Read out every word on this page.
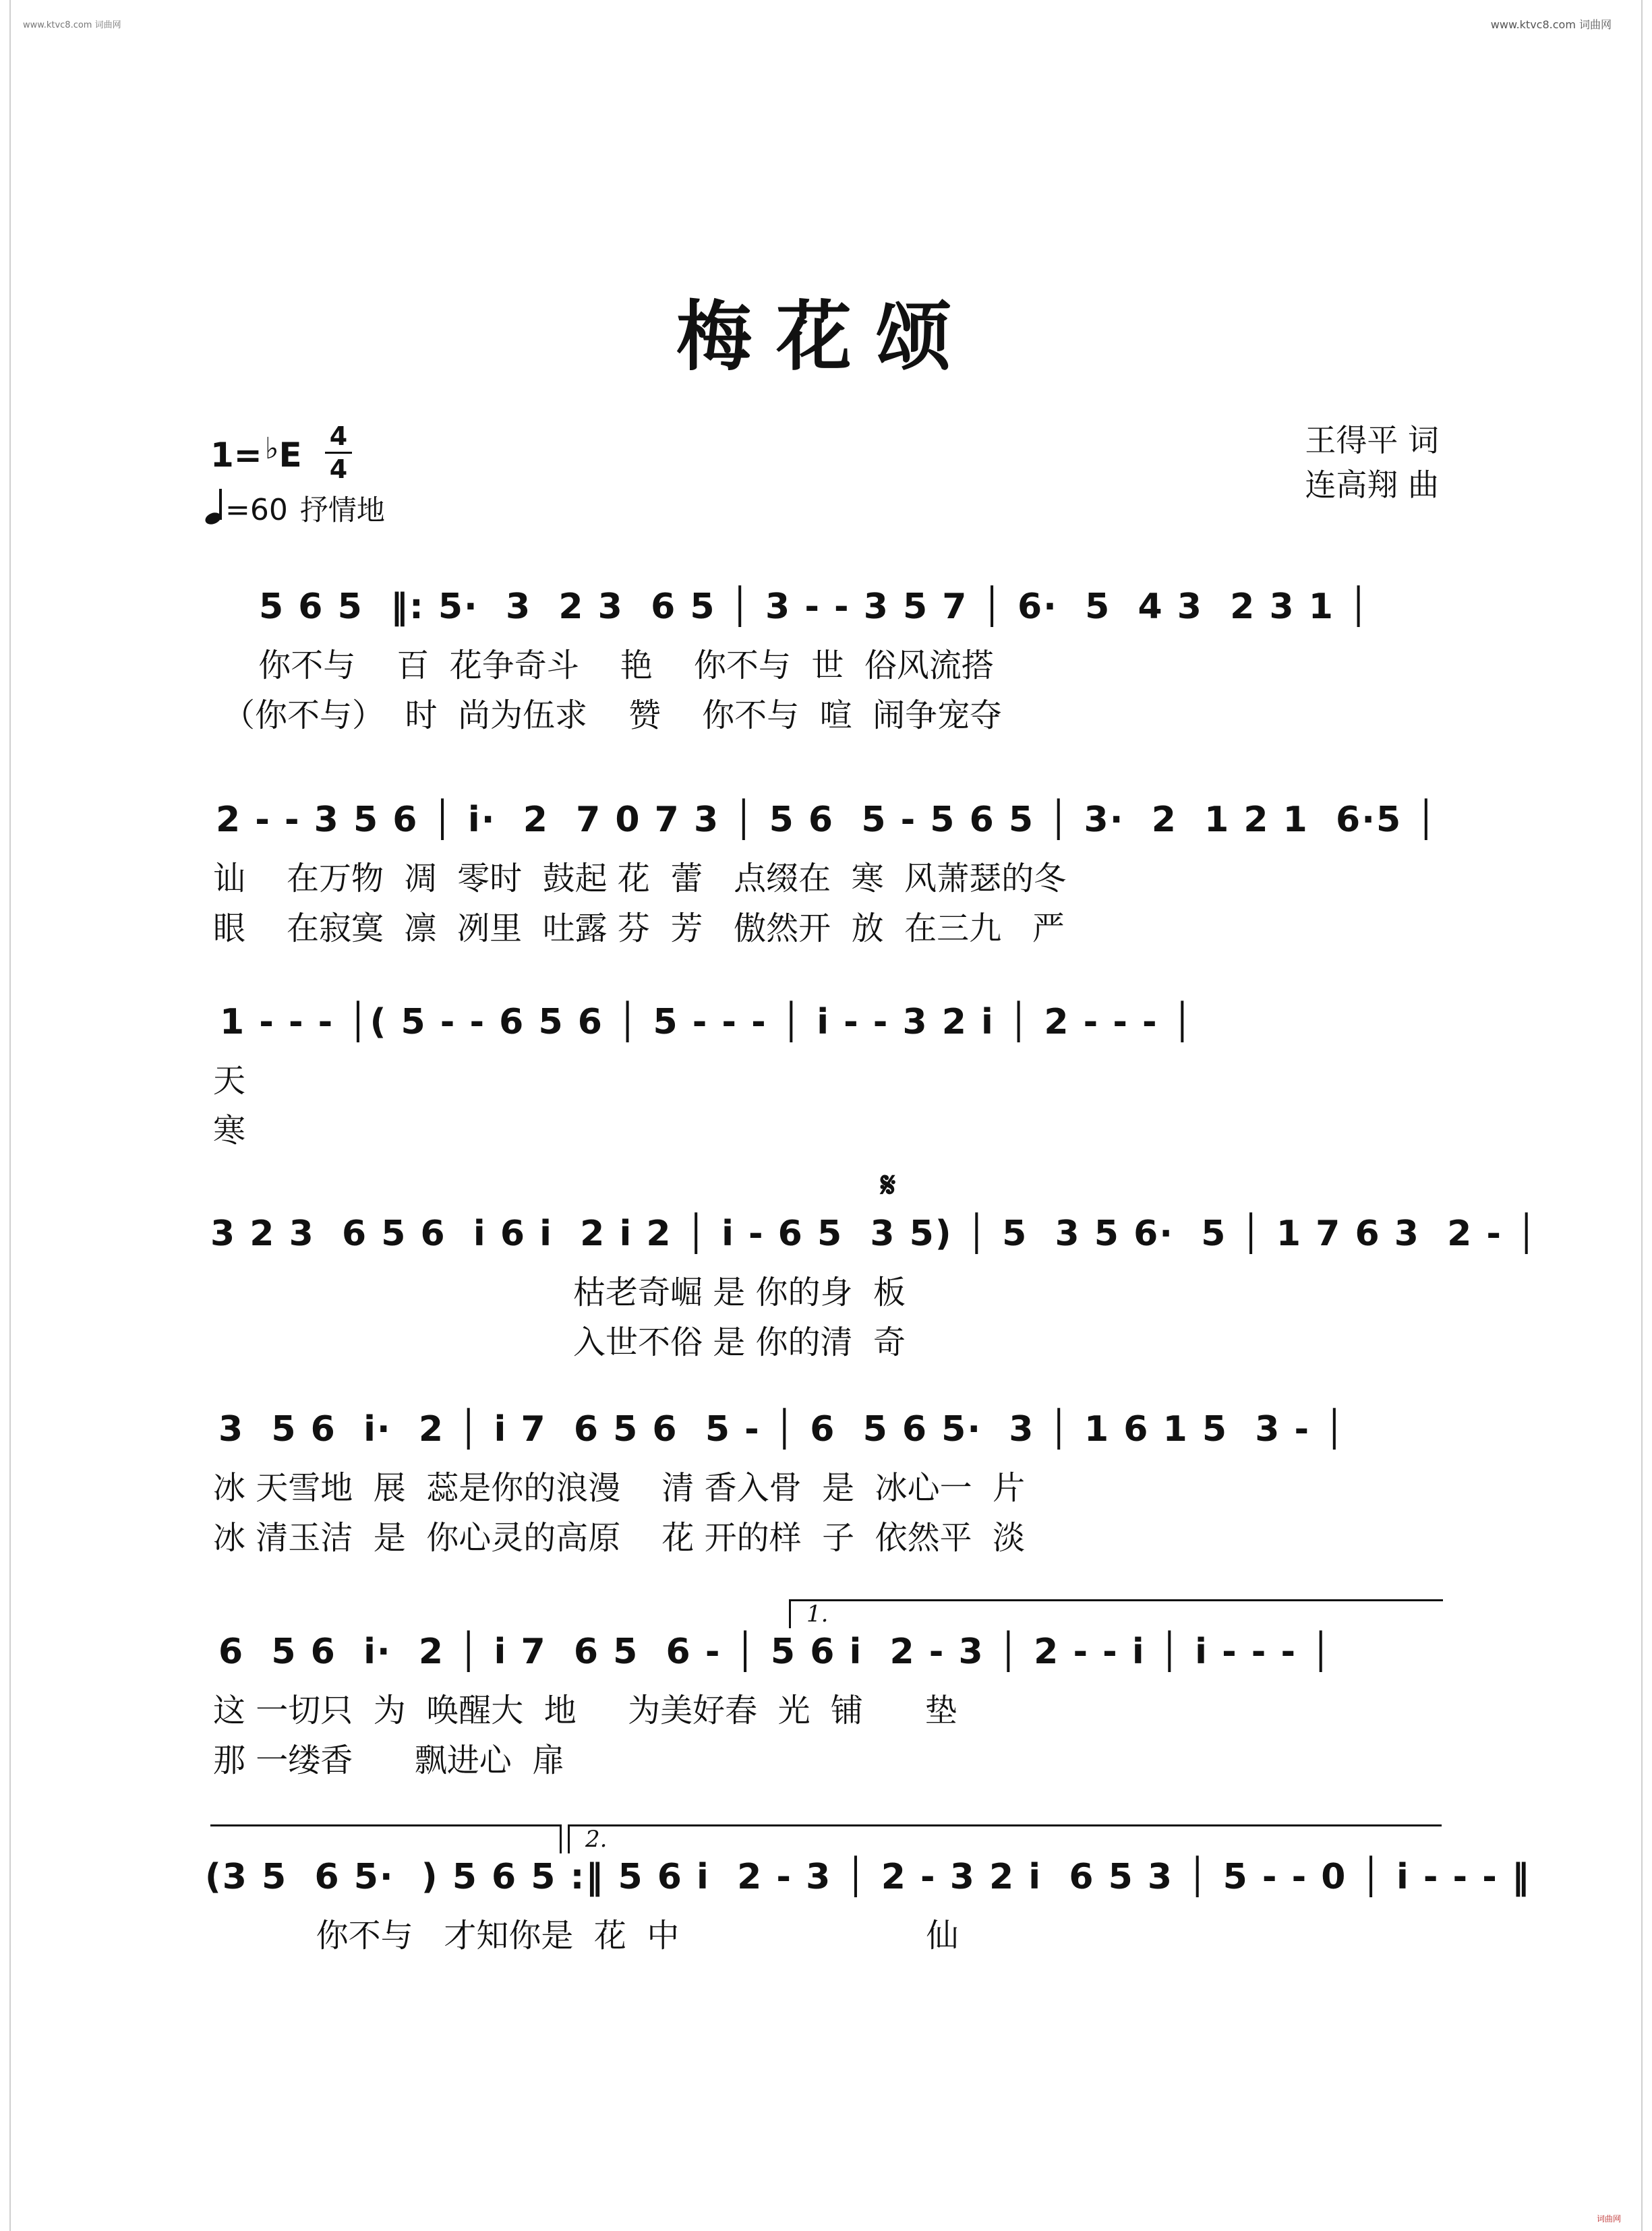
www.ktvc8.com 词曲网	www.ktvc8.com 词曲网
词曲网
梅花颂
1=♭E 4
4
=60 抒情地
王得平 词
连高翔 曲
5 6 5  ‖: 5·  3  2 3  6 5 │ 3 - - 3 5 7 │ 6·  5  4 3  2 3 1 │
你不与    百  花争奇斗    艳    你不与  世  俗风流搭
（你不与）  时  尚为伍求    赞    你不与  喧  闹争宠夺
2 - - 3 5 6 │ i·  2  7 0 7 3 │ 5 6  5 - 5 6 5 │ 3·  2  1 2 1  6·5 │
讪    在万物  凋  零时  鼓起 花  蕾   点缀在  寒  风萧瑟的冬
眼    在寂寞  凛  冽里  吐露 芬  芳   傲然开  放  在三九   严
1 - - - │( 5 - - 6 5 6 │ 5 - - - │ i - - 3 2 i │ 2 - - - │
天
寒
𝄋
3 2 3  6 5 6  i 6 i  2 i 2 │ i - 6 5  3 5) │ 5  3 5 6·  5 │ 1 7 6 3  2 - │
枯老奇崛 是 你的身  板
入世不俗 是 你的清  奇
3  5 6  i·  2 │ i 7  6 5 6  5 - │ 6  5 6 5·  3 │ 1 6 1 5  3 - │
冰 天雪地  展  蕊是你的浪漫    清 香入骨  是  冰心一  片
冰 清玉洁  是  你心灵的高原    花 开的样  子  依然平  淡
1.
6  5 6  i·  2 │ i 7  6 5  6 - │ 5 6 i  2 - 3 │ 2 - - i │ i - - - │
这 一切只  为  唤醒大  地     为美好春  光  铺      垫
那 一缕香      飘进心  扉
2.
(3 5  6 5·  ) 5 6 5 :‖ 5 6 i  2 - 3 │ 2 - 3 2 i  6 5 3 │ 5 - - 0 │ i - - - ‖
你不与   才知你是  花  中                        仙
